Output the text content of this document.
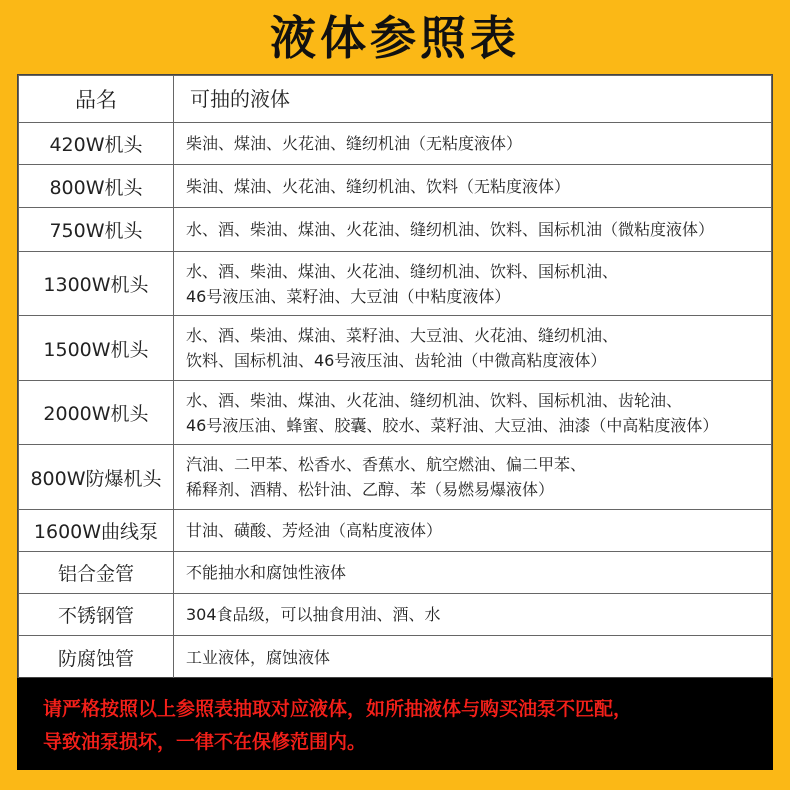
液体参照表
品名	可抽的液体
420W机头	柴油、煤油、火花油、缝纫机油（无粘度液体）

800W机头	柴油、煤油、火花油、缝纫机油、饮料（无粘度液体）

750W机头	水、酒、柴油、煤油、火花油、缝纫机油、饮料、国标机油（微粘度液体）

1300W机头	水、酒、柴油、煤油、火花油、缝纫机油、饮料、国标机油、
46号液压油、菜籽油、大豆油（中粘度液体）

1500W机头	水、酒、柴油、煤油、菜籽油、大豆油、火花油、缝纫机油、
饮料、国标机油、46号液压油、齿轮油（中微高粘度液体）

2000W机头	水、酒、柴油、煤油、火花油、缝纫机油、饮料、国标机油、齿轮油、
46号液压油、蜂蜜、胶囊、胶水、菜籽油、大豆油、油漆（中高粘度液体）

800W防爆机头	汽油、二甲苯、松香水、香蕉水、航空燃油、偏二甲苯、
稀释剂、酒精、松针油、乙醇、苯（易燃易爆液体）

1600W曲线泵	甘油、磺酸、芳烃油（高粘度液体）

铝合金管	不能抽水和腐蚀性液体

不锈钢管	304食品级，可以抽食用油、酒、水

防腐蚀管	工业液体，腐蚀液体
请严格按照以上参照表抽取对应液体，如所抽液体与购买油泵不匹配，
导致油泵损坏，一律不在保修范围内。
